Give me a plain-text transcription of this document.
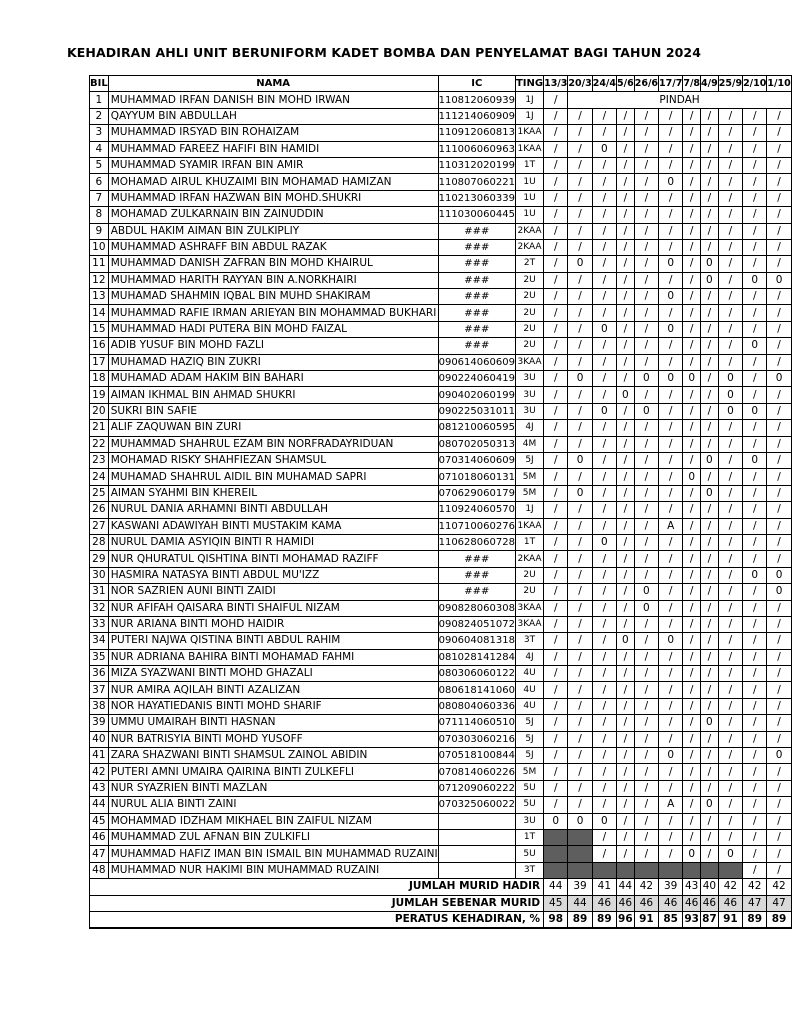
KEHADIRAN AHLI UNIT BERUNIFORM KADET BOMBA DAN PENYELAMAT BAGI TAHUN 2024
BIL	NAMA	IC	TING	13/3	20/3	24/4	5/6	26/6	17/7	7/8	4/9	25/9	2/10	1/10
1	MUHAMMAD IRFAN DANISH BIN MOHD IRWAN	110812060939	1J	/	PINDAH									
2	QAYYUM BIN ABDULLAH	111214060909	1J	/	/	/	/	/	/	/	/	/	/	/
3	MUHAMMAD IRSYAD BIN ROHAIZAM	110912060813	1KAA	/	/	/	/	/	/	/	/	/	/	/
4	MUHAMMAD FAREEZ HAFIFI BIN HAMIDI	111006060963	1KAA	/	/	0	/	/	/	/	/	/	/	/
5	MUHAMMAD SYAMIR IRFAN BIN AMIR	110312020199	1T	/	/	/	/	/	/	/	/	/	/	/
6	MOHAMAD AIRUL KHUZAIMI BIN MOHAMAD HAMIZAN	110807060221	1U	/	/	/	/	/	0	/	/	/	/	/
7	MUHAMMAD IRFAN HAZWAN BIN MOHD.SHUKRI	110213060339	1U	/	/	/	/	/	/	/	/	/	/	/
8	MOHAMAD ZULKARNAIN BIN ZAINUDDIN	111030060445	1U	/	/	/	/	/	/	/	/	/	/	/
9	ABDUL HAKIM AIMAN BIN ZULKIPLIY	###	2KAA	/	/	/	/	/	/	/	/	/	/	/
10	MUHAMMAD ASHRAFF BIN ABDUL RAZAK	###	2KAA	/	/	/	/	/	/	/	/	/	/	/
11	MUHAMMAD DANISH ZAFRAN BIN MOHD KHAIRUL	###	2T	/	0	/	/	/	0	/	0	/	/	/
12	MUHAMMAD HARITH RAYYAN BIN A.NORKHAIRI	###	2U	/	/	/	/	/	/	/	0	/	0	0
13	MUHAMAD SHAHMIN IQBAL BIN MUHD SHAKIRAM	###	2U	/	/	/	/	/	0	/	/	/	/	/
14	MUHAMMAD RAFIE IRMAN ARIEYAN BIN MOHAMMAD BUKHARI	###	2U	/	/	/	/	/	/	/	/	/	/	/
15	MUHAMMAD HADI PUTERA BIN MOHD FAIZAL	###	2U	/	/	0	/	/	0	/	/	/	/	/
16	ADIB YUSUF BIN MOHD FAZLI	###	2U	/	/	/	/	/	/	/	/	/	0	/
17	MUHAMAD HAZIQ BIN ZUKRI	090614060609	3KAA	/	/	/	/	/	/	/	/	/	/	/
18	MUHAMAD ADAM HAKIM BIN BAHARI	090224060419	3U	/	0	/	/	0	0	0	/	0	/	0
19	AIMAN IKHMAL BIN AHMAD SHUKRI	090402060199	3U	/	/	/	0	/	/	/	/	0	/	/
20	SUKRI BIN SAFIE	090225031011	3U	/	/	0	/	0	/	/	/	0	0	/
21	ALIF ZAQUWAN BIN ZURI	081210060595	4J	/	/	/	/	/	/	/	/	/	/	/
22	MUHAMMAD SHAHRUL EZAM BIN NORFRADAYRIDUAN	080702050313	4M	/	/	/	/	/	/	/	/	/	/	/
23	MOHAMAD RISKY SHAHFIEZAN SHAMSUL	070314060609	5J	/	0	/	/	/	/	/	0	/	0	/
24	MUHAMAD SHAHRUL AIDIL BIN MUHAMAD SAPRI	071018060131	5M	/	/	/	/	/	/	0	/	/	/	/
25	AIMAN SYAHMI BIN KHEREIL	070629060179	5M	/	0	/	/	/	/	/	0	/	/	/
26	NURUL DANIA ARHAMNI BINTI ABDULLAH	110924060570	1J	/	/	/	/	/	/	/	/	/	/	/
27	KASWANI ADAWIYAH BINTI MUSTAKIM KAMA	110710060276	1KAA	/	/	/	/	/	A	/	/	/	/	/
28	NURUL DAMIA ASYIQIN BINTI R HAMIDI	110628060728	1T	/	/	0	/	/	/	/	/	/	/	/
29	NUR QHURATUL QISHTINA BINTI MOHAMAD RAZIFF	###	2KAA	/	/	/	/	/	/	/	/	/	/	/
30	HASMIRA NATASYA BINTI ABDUL MU'IZZ	###	2U	/	/	/	/	/	/	/	/	/	0	0
31	NOR SAZRIEN AUNI BINTI ZAIDI	###	2U	/	/	/	/	0	/	/	/	/	/	0
32	NUR AFIFAH QAISARA BINTI SHAIFUL NIZAM	090828060308	3KAA	/	/	/	/	0	/	/	/	/	/	/
33	NUR ARIANA BINTI MOHD HAIDIR	090824051072	3KAA	/	/	/	/	/	/	/	/	/	/	/
34	PUTERI NAJWA QISTINA BINTI ABDUL RAHIM	090604081318	3T	/	/	/	0	/	0	/	/	/	/	/
35	NUR ADRIANA BAHIRA BINTI MOHAMAD FAHMI	081028141284	4J	/	/	/	/	/	/	/	/	/	/	/
36	MIZA SYAZWANI BINTI MOHD GHAZALI	080306060122	4U	/	/	/	/	/	/	/	/	/	/	/
37	NUR AMIRA AQILAH BINTI AZALIZAN	080618141060	4U	/	/	/	/	/	/	/	/	/	/	/
38	NOR HAYATIEDANIS BINTI MOHD SHARIF	080804060336	4U	/	/	/	/	/	/	/	/	/	/	/
39	UMMU UMAIRAH BINTI HASNAN	071114060510	5J	/	/	/	/	/	/	/	0	/	/	/
40	NUR BATRISYIA BINTI MOHD YUSOFF	070303060216	5J	/	/	/	/	/	/	/	/	/	/	/
41	ZARA SHAZWANI BINTI SHAMSUL ZAINOL ABIDIN	070518100844	5J	/	/	/	/	/	0	/	/	/	/	0
42	PUTERI AMNI UMAIRA QAIRINA BINTI ZULKEFLI	070814060226	5M	/	/	/	/	/	/	/	/	/	/	/
43	NUR SYAZRIEN BINTI MAZLAN	071209060222	5U	/	/	/	/	/	/	/	/	/	/	/
44	NURUL ALIA BINTI ZAINI	070325060022	5U	/	/	/	/	/	A	/	0	/	/	/
45	MOHAMMAD IDZHAM MIKHAEL BIN ZAIFUL NIZAM		3U	0	0	0	/	/	/	/	/	/	/	/
46	MUHAMMAD ZUL AFNAN BIN ZULKIFLI		1T			/	/	/	/	/	/	/	/	/
47	MUHAMMAD HAFIZ IMAN BIN ISMAIL BIN MUHAMMAD RUZAINI		5U			/	/	/	/	0	/	0	/	/
48	MUHAMMAD NUR HAKIMI BIN MUHAMMAD RUZAINI		3T										/	/
JUMLAH MURID HADIR				44	39	41	44	42	39	43	40	42	42	42
JUMLAH SEBENAR MURID				45	44	46	46	46	46	46	46	46	47	47
PERATUS KEHADIRAN, %				98	89	89	96	91	85	93	87	91	89	89
